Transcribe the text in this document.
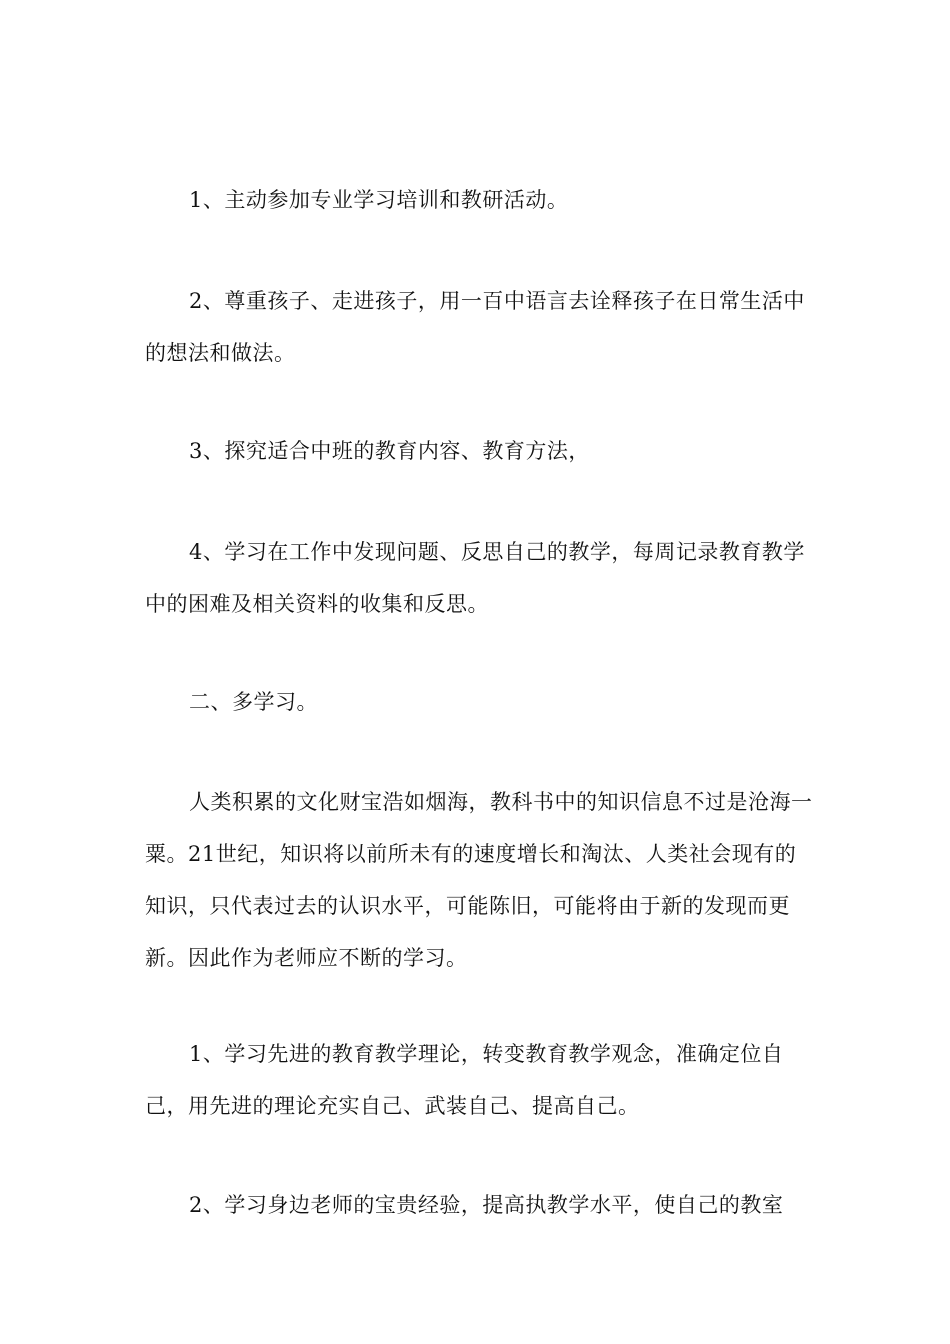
1、主动参加专业学习培训和教研活动。

2、尊重孩子、走进孩子，用一百中语言去诠释孩子在日常生活中的想法和做法。

3、探究适合中班的教育内容、教育方法，

4、学习在工作中发现问题、反思自己的教学，每周记录教育教学中的困难及相关资料的收集和反思。

二、多学习。

人类积累的文化财宝浩如烟海，教科书中的知识信息不过是沧海一粟。21世纪，知识将以前所未有的速度增长和淘汰、人类社会现有的知识，只代表过去的认识水平，可能陈旧，可能将由于新的发现而更新。因此作为老师应不断的学习。

1、学习先进的教育教学理论，转变教育教学观念，准确定位自己，用先进的理论充实自己、武装自己、提高自己。

2、学习身边老师的宝贵经验，提高执教学水平，使自己的教室
